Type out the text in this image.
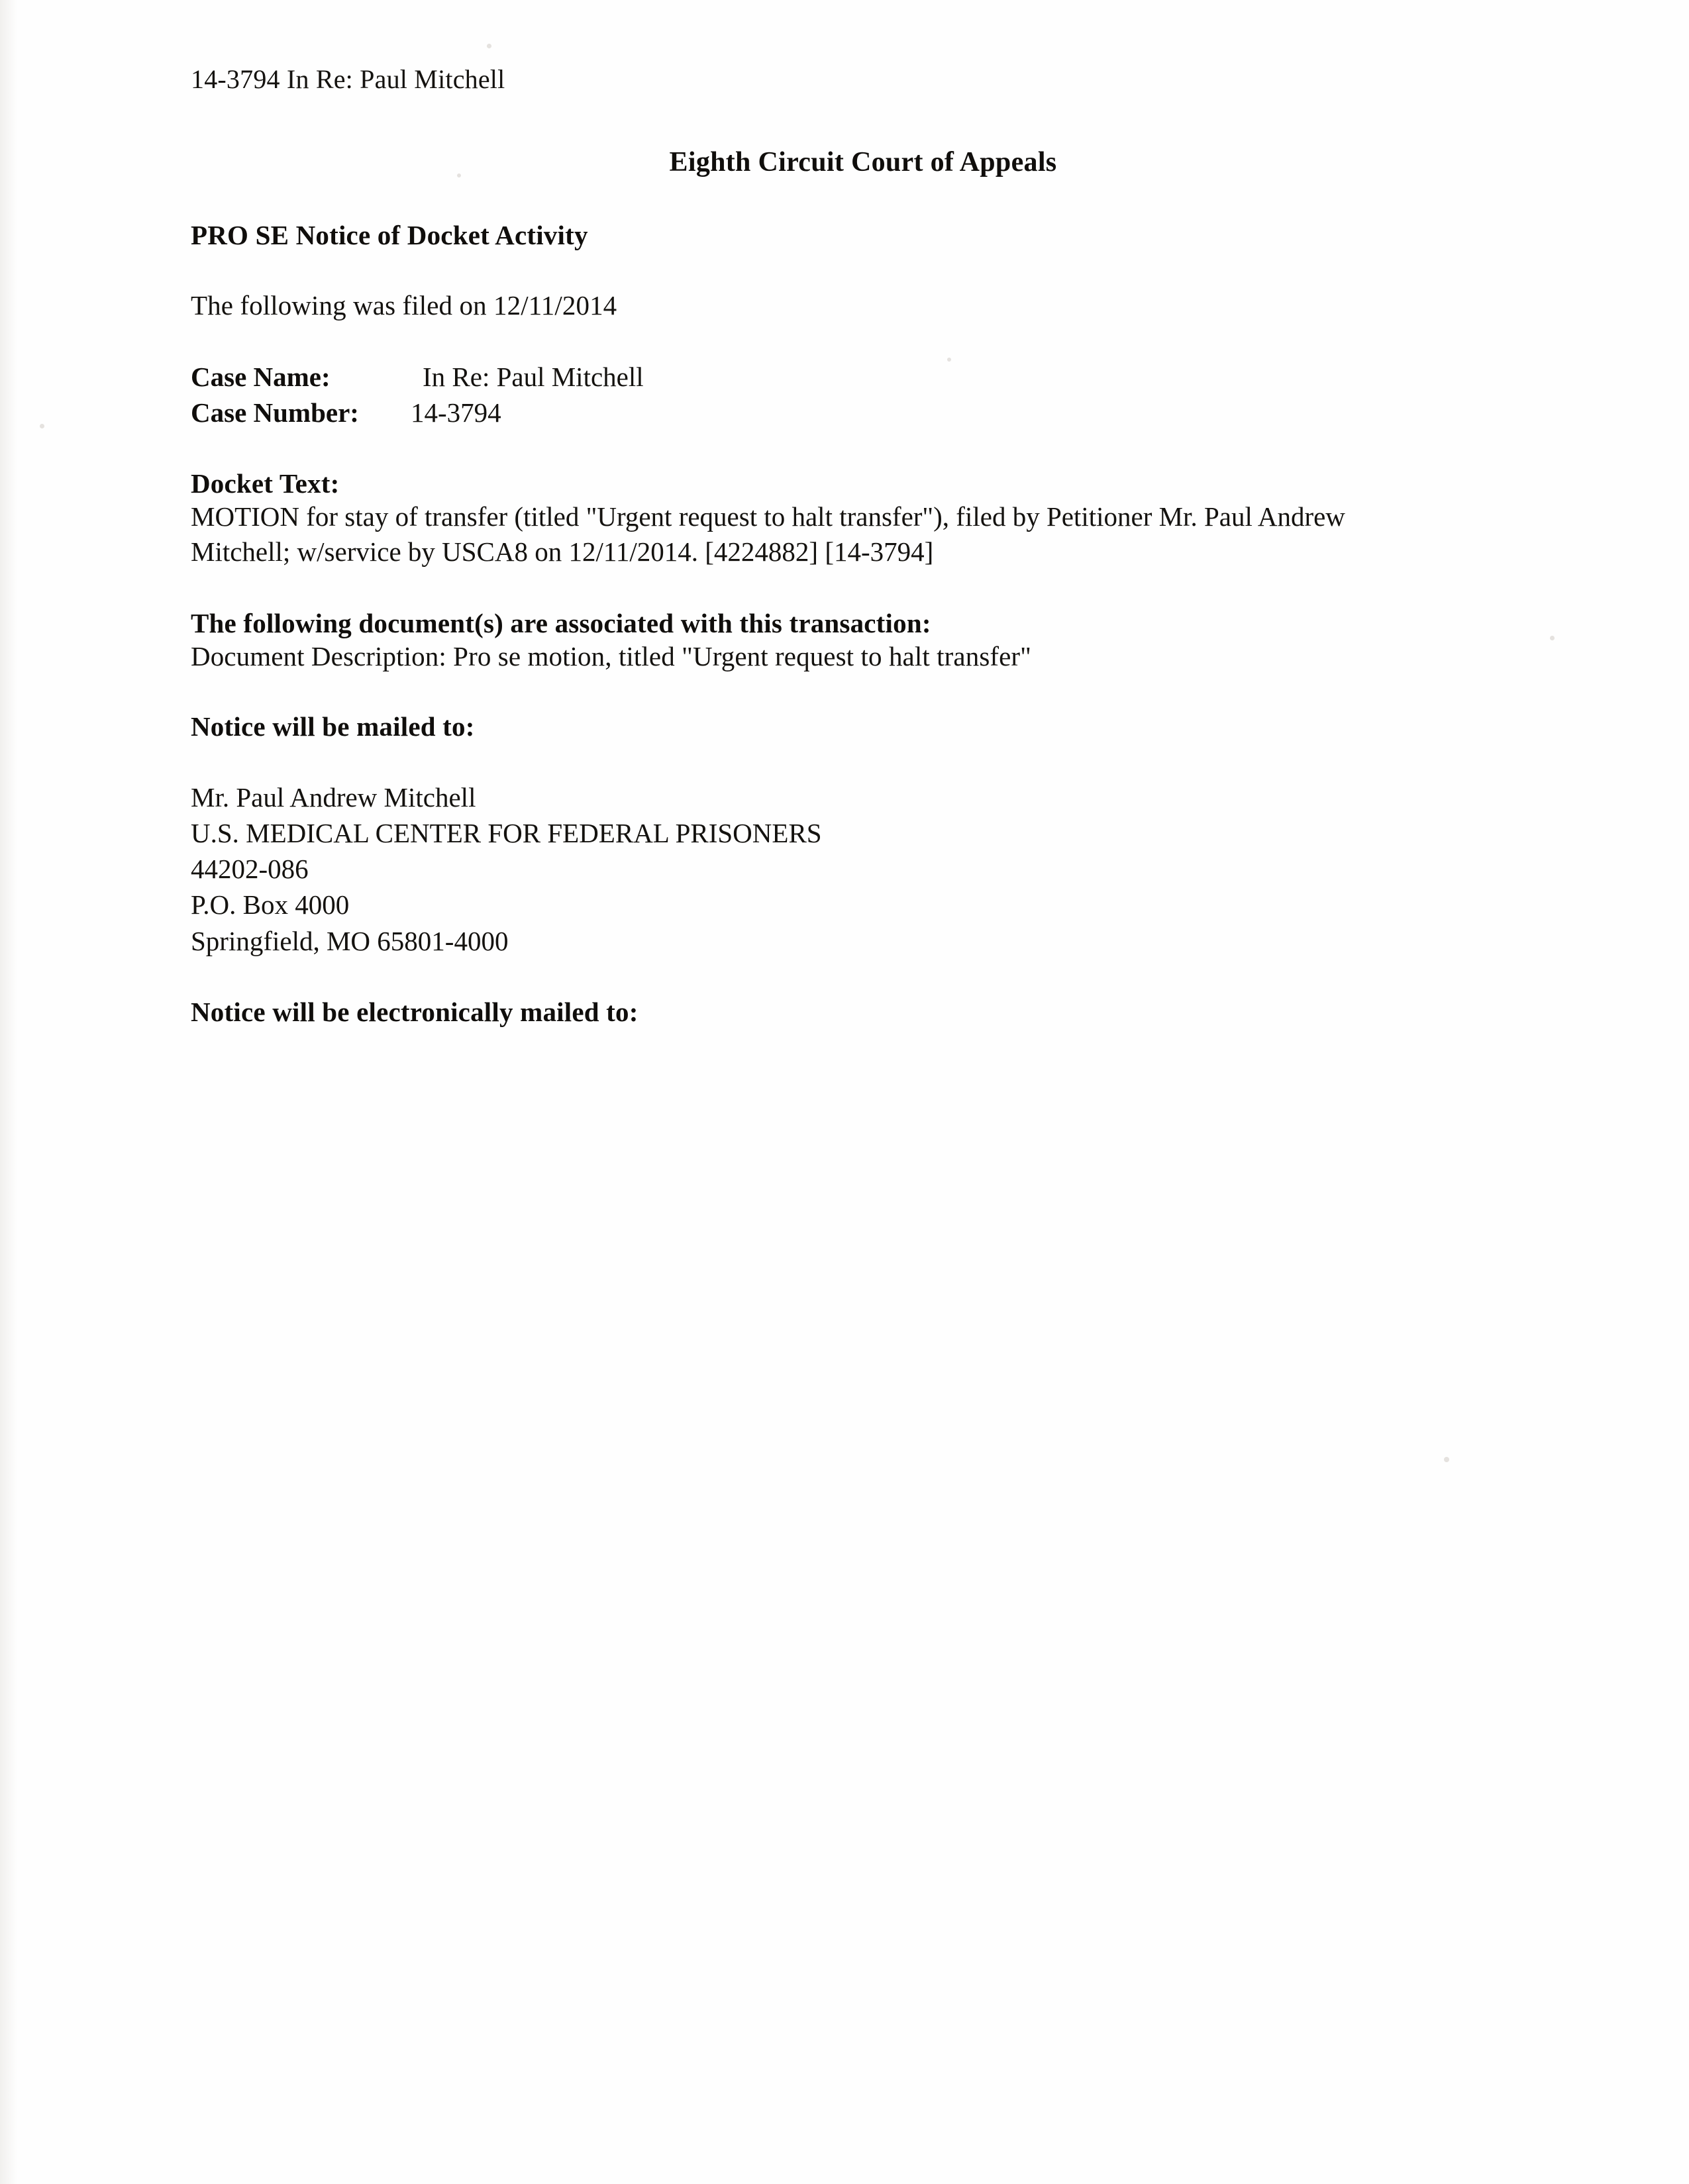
14-3794 In Re: Paul Mitchell
Eighth Circuit Court of Appeals
PRO SE Notice of Docket Activity
The following was filed on 12/11/2014
Case Name:	In Re: Paul Mitchell
Case Number:	14-3794
Docket Text:
MOTION for stay of transfer (titled "Urgent request to halt transfer"), filed by Petitioner Mr. Paul Andrew Mitchell; w/service by USCA8 on 12/11/2014. [4224882] [14-3794]
The following document(s) are associated with this transaction:
Document Description: Pro se motion, titled "Urgent request to halt transfer"
Notice will be mailed to:
Mr. Paul Andrew Mitchell
U.S. MEDICAL CENTER FOR FEDERAL PRISONERS
44202-086
P.O. Box 4000
Springfield, MO 65801-4000
Notice will be electronically mailed to:
